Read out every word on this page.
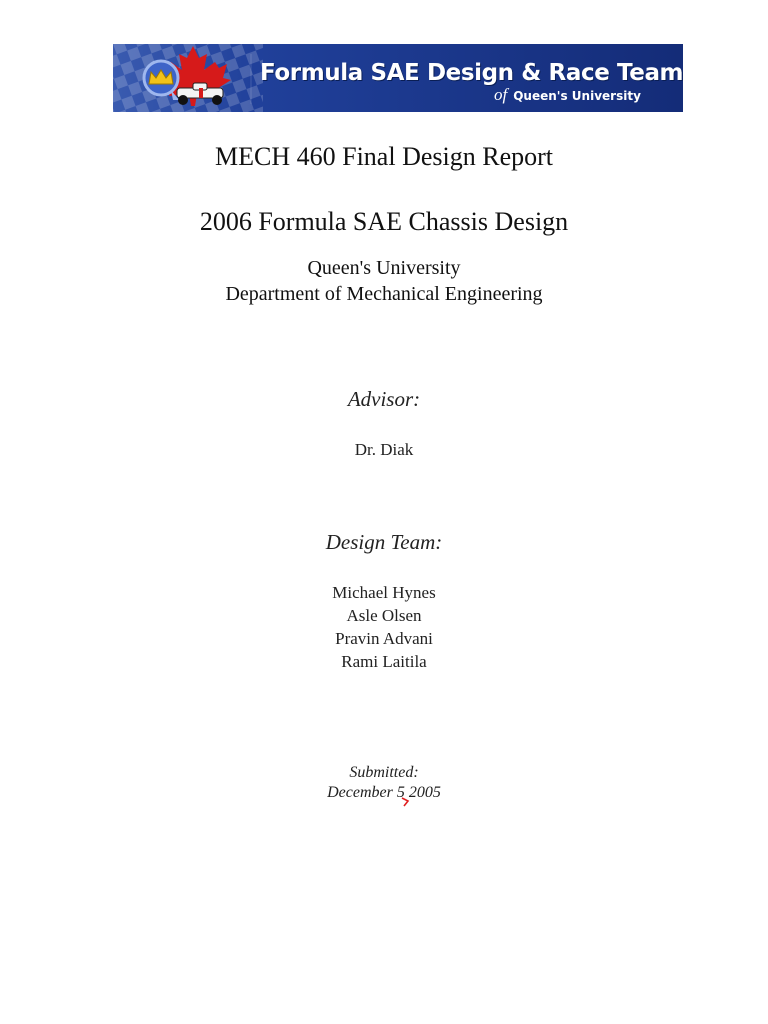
Formula SAE Design & Race Team
of Queen's University
MECH 460 Final Design Report
2006 Formula SAE Chassis Design
Queen's University
Department of Mechanical Engineering
Advisor:
Dr. Diak
Design Team:
Michael Hynes
Asle Olsen
Pravin Advani
Rami Laitila
Submitted:
December 5 2005
